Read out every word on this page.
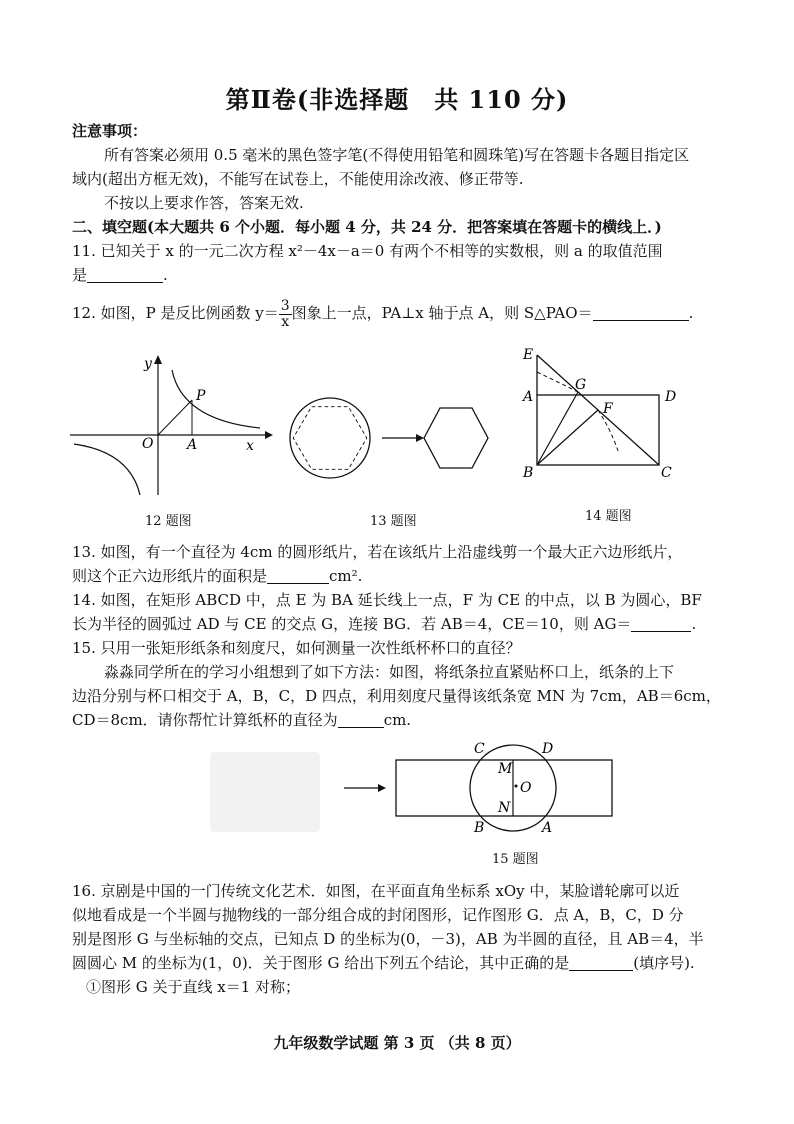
第Ⅱ卷(非选择题　共 110 分)
注意事项：
所有答案必须用 0.5 毫米的黑色签字笔(不得使用铅笔和圆珠笔)写在答题卡各题目指定区
域内(超出方框无效)，不能写在试卷上，不能使用涂改液、修正带等.
不按以上要求作答，答案无效.
二、填空题(本大题共 6 个小题．每小题 4 分，共 24 分．把答案填在答题卡的横线上．)
11. 已知关于 x 的一元二次方程 x²－4x－a＝0 有两个不相等的实数根，则 a 的取值范围
是	.
12. 如图，P 是反比例函数 $y= \frac{3}{x}$ 图象上一点，PA⊥x 轴于点 A，则 S△PAO＝	.
y
x
O
P
A
12 题图	13 题图
E
G
D
A
F
B	C
14 题图
13. 如图，有一个直径为 4cm 的圆形纸片，若在该纸片上沿虚线剪一个最大正六边形纸片，
则这个正六边形纸片的面积是	cm².
14. 如图，在矩形 ABCD 中，点 E 为 BA 延长线上一点，F 为 CE 的中点，以 B 为圆心，BF
长为半径的圆弧过 AD 与 CE 的交点 G，连接 BG．若 AB＝4，CE＝10，则 AG＝	.
15. 只用一张矩形纸条和刻度尺，如何测量一次性纸杯杯口的直径？
淼淼同学所在的学习小组想到了如下方法：如图，将纸条拉直紧贴杯口上，纸条的上下
边沿分别与杯口相交于 A，B，C，D 四点，利用刻度尺量得该纸条宽 MN 为 7cm，AB＝6cm，
CD＝8cm．请你帮忙计算纸杯的直径为	cm.
C	D
M
O
N
B	A
15 题图
16. 京剧是中国的一门传统文化艺术．如图，在平面直角坐标系 xOy 中，某脸谱轮廓可以近
似地看成是一个半圆与抛物线的一部分组合成的封闭图形，记作图形 G．点 A，B，C，D 分
别是图形 G 与坐标轴的交点，已知点 D 的坐标为(0，－3)，AB 为半圆的直径，且 AB＝4，半
圆圆心 M 的坐标为(1，0)．关于图形 G 给出下列五个结论，其中正确的是	(填序号).
①图形 G 关于直线 x＝1 对称；
九年级数学试题 第 3 页 （共 8 页）
